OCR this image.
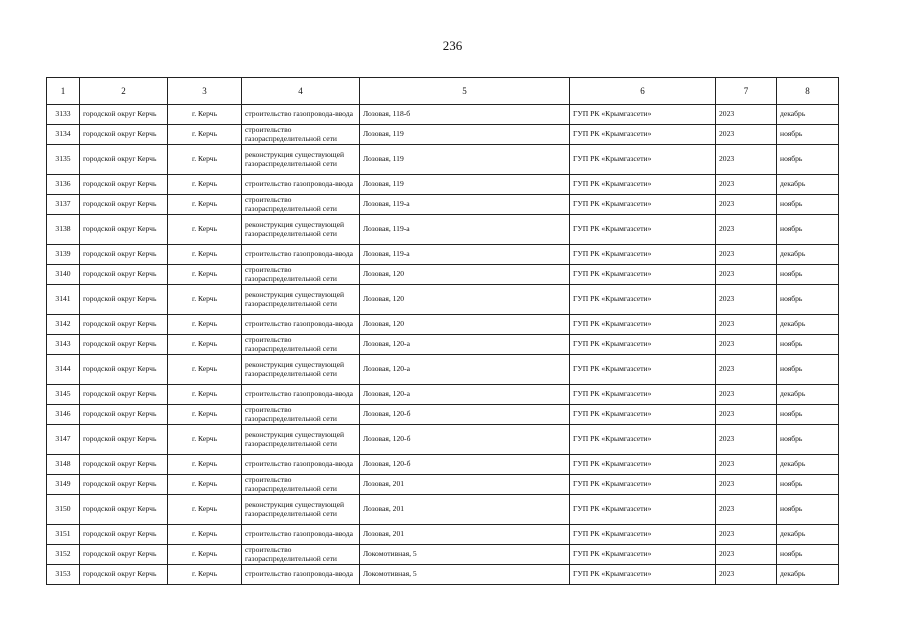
236
1	2	3	4	5	6	7	8
3133	городской округ Керчь	г. Керчь	строительство газопровода-ввода	Лозовая, 118-б	ГУП РК «Крымгазсети»	2023	декабрь
3134	городской округ Керчь	г. Керчь	строительство газораспределительной сети	Лозовая, 119	ГУП РК «Крымгазсети»	2023	ноябрь
3135	городской округ Керчь	г. Керчь	реконструкция существующей газораспределительной сети	Лозовая, 119	ГУП РК «Крымгазсети»	2023	ноябрь
3136	городской округ Керчь	г. Керчь	строительство газопровода-ввода	Лозовая, 119	ГУП РК «Крымгазсети»	2023	декабрь
3137	городской округ Керчь	г. Керчь	строительство газораспределительной сети	Лозовая, 119-а	ГУП РК «Крымгазсети»	2023	ноябрь
3138	городской округ Керчь	г. Керчь	реконструкция существующей газораспределительной сети	Лозовая, 119-а	ГУП РК «Крымгазсети»	2023	ноябрь
3139	городской округ Керчь	г. Керчь	строительство газопровода-ввода	Лозовая, 119-а	ГУП РК «Крымгазсети»	2023	декабрь
3140	городской округ Керчь	г. Керчь	строительство газораспределительной сети	Лозовая, 120	ГУП РК «Крымгазсети»	2023	ноябрь
3141	городской округ Керчь	г. Керчь	реконструкция существующей газораспределительной сети	Лозовая, 120	ГУП РК «Крымгазсети»	2023	ноябрь
3142	городской округ Керчь	г. Керчь	строительство газопровода-ввода	Лозовая, 120	ГУП РК «Крымгазсети»	2023	декабрь
3143	городской округ Керчь	г. Керчь	строительство газораспределительной сети	Лозовая, 120-а	ГУП РК «Крымгазсети»	2023	ноябрь
3144	городской округ Керчь	г. Керчь	реконструкция существующей газораспределительной сети	Лозовая, 120-а	ГУП РК «Крымгазсети»	2023	ноябрь
3145	городской округ Керчь	г. Керчь	строительство газопровода-ввода	Лозовая, 120-а	ГУП РК «Крымгазсети»	2023	декабрь
3146	городской округ Керчь	г. Керчь	строительство газораспределительной сети	Лозовая, 120-б	ГУП РК «Крымгазсети»	2023	ноябрь
3147	городской округ Керчь	г. Керчь	реконструкция существующей газораспределительной сети	Лозовая, 120-б	ГУП РК «Крымгазсети»	2023	ноябрь
3148	городской округ Керчь	г. Керчь	строительство газопровода-ввода	Лозовая, 120-б	ГУП РК «Крымгазсети»	2023	декабрь
3149	городской округ Керчь	г. Керчь	строительство газораспределительной сети	Лозовая, 201	ГУП РК «Крымгазсети»	2023	ноябрь
3150	городской округ Керчь	г. Керчь	реконструкция существующей газораспределительной сети	Лозовая, 201	ГУП РК «Крымгазсети»	2023	ноябрь
3151	городской округ Керчь	г. Керчь	строительство газопровода-ввода	Лозовая, 201	ГУП РК «Крымгазсети»	2023	декабрь
3152	городской округ Керчь	г. Керчь	строительство газораспределительной сети	Локомотивная, 5	ГУП РК «Крымгазсети»	2023	ноябрь
3153	городской округ Керчь	г. Керчь	строительство газопровода-ввода	Локомотивная, 5	ГУП РК «Крымгазсети»	2023	декабрь
